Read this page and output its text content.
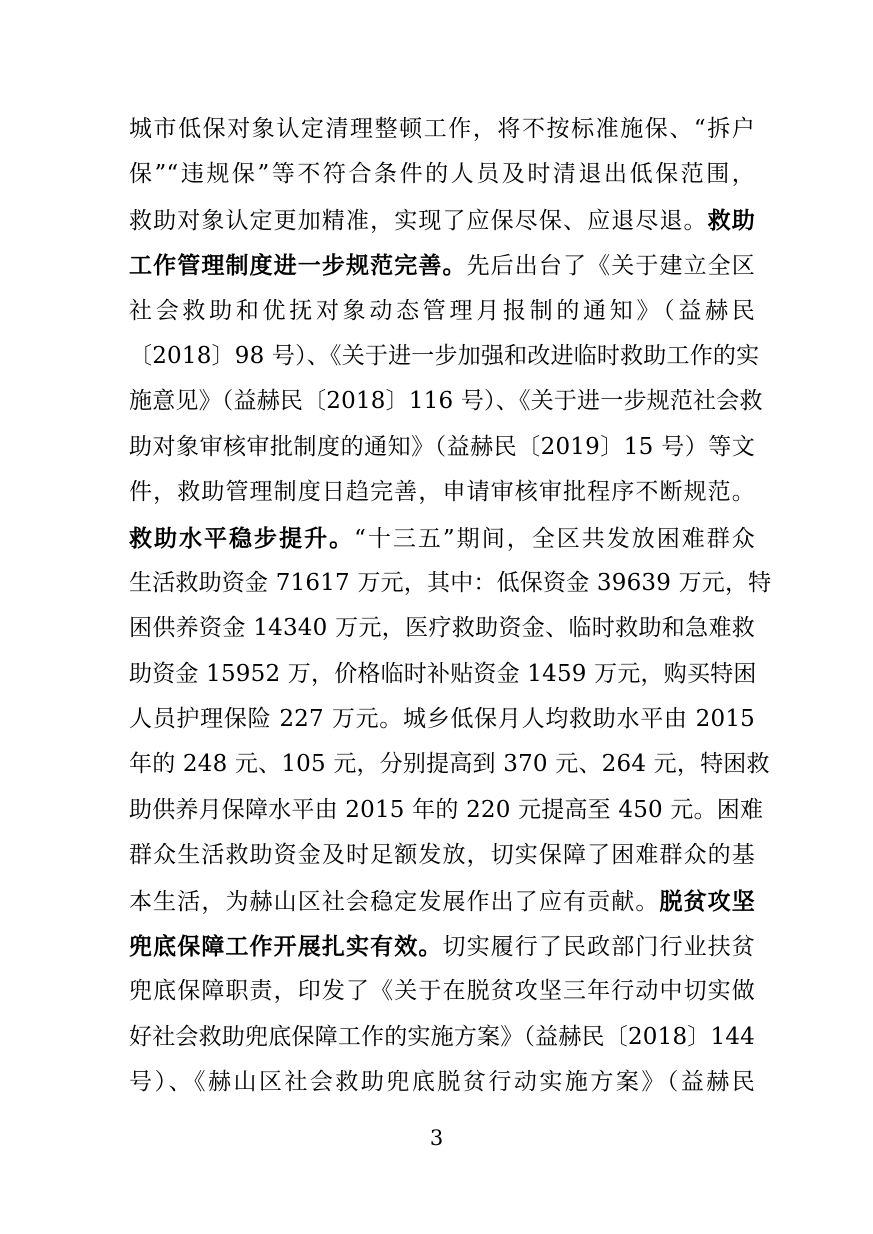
城市低保对象认定清理整顿工作，将不按标准施保、“拆户
保”“违规保”等不符合条件的人员及时清退出低保范围，
救助对象认定更加精准，实现了应保尽保、应退尽退。救助
工作管理制度进一步规范完善。先后出台了《关于建立全区
社会救助和优抚对象动态管理月报制的通知》（益赫民
〔2018〕98 号）、《关于进一步加强和改进临时救助工作的实
施意见》（益赫民〔2018〕116 号）、《关于进一步规范社会救
助对象审核审批制度的通知》（益赫民〔2019〕15 号）等文
件，救助管理制度日趋完善，申请审核审批程序不断规范。
救助水平稳步提升。“十三五”期间，全区共发放困难群众
生活救助资金 71617 万元，其中：低保资金 39639 万元，特
困供养资金 14340 万元，医疗救助资金、临时救助和急难救
助资金 15952 万，价格临时补贴资金 1459 万元，购买特困
人员护理保险 227 万元。城乡低保月人均救助水平由 2015
年的 248 元、105 元，分别提高到 370 元、264 元，特困救
助供养月保障水平由 2015 年的 220 元提高至 450 元。困难
群众生活救助资金及时足额发放，切实保障了困难群众的基
本生活，为赫山区社会稳定发展作出了应有贡献。脱贫攻坚
兜底保障工作开展扎实有效。切实履行了民政部门行业扶贫
兜底保障职责，印发了《关于在脱贫攻坚三年行动中切实做
好社会救助兜底保障工作的实施方案》（益赫民〔2018〕144
号）、《赫山区社会救助兜底脱贫行动实施方案》（益赫民
3
